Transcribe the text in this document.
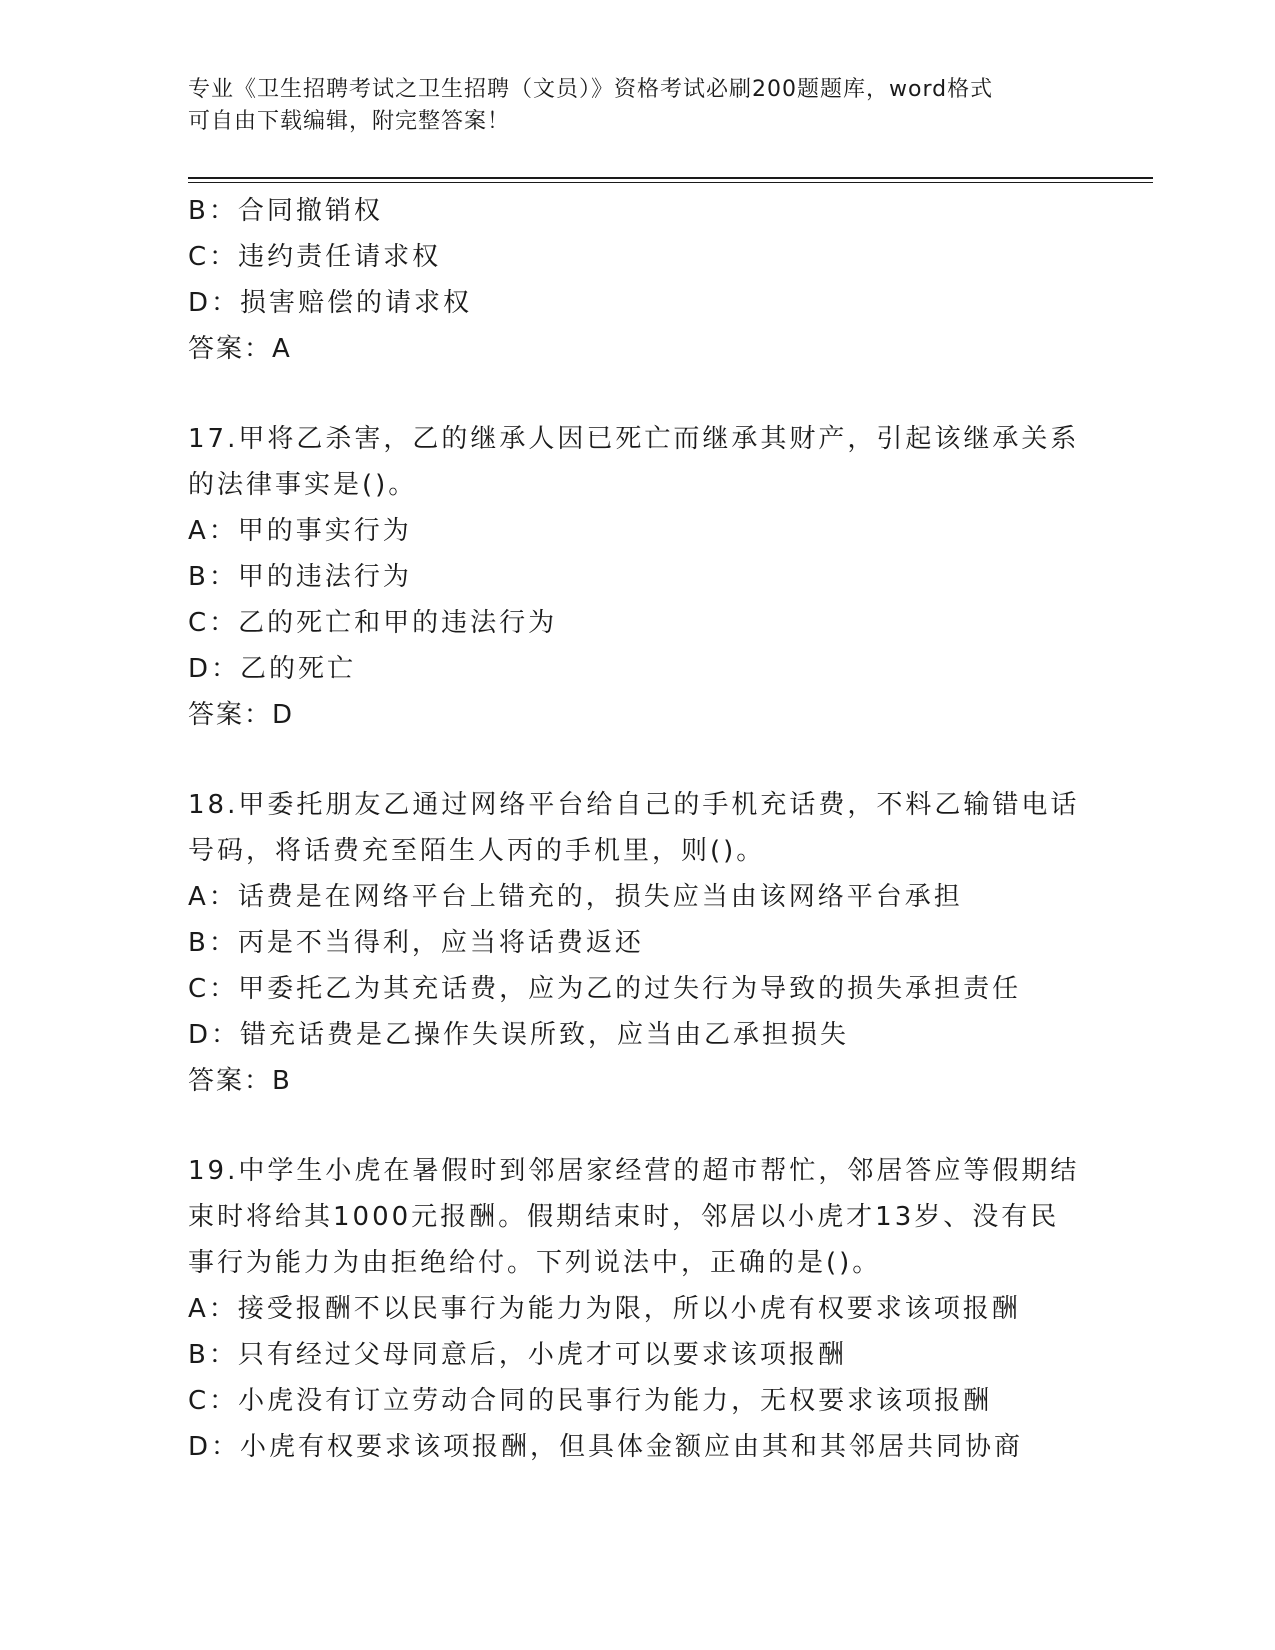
专业《卫生招聘考试之卫生招聘（文员）》资格考试必刷200题题库，word格式
可自由下载编辑，附完整答案！
B：合同撤销权
C：违约责任请求权
D：损害赔偿的请求权
答案：A
17.甲将乙杀害，乙的继承人因已死亡而继承其财产，引起该继承关系
的法律事实是()。
A：甲的事实行为
B：甲的违法行为
C：乙的死亡和甲的违法行为
D：乙的死亡
答案：D
18.甲委托朋友乙通过网络平台给自己的手机充话费，不料乙输错电话
号码，将话费充至陌生人丙的手机里，则()。
A：话费是在网络平台上错充的，损失应当由该网络平台承担
B：丙是不当得利，应当将话费返还
C：甲委托乙为其充话费，应为乙的过失行为导致的损失承担责任
D：错充话费是乙操作失误所致，应当由乙承担损失
答案：B
19.中学生小虎在暑假时到邻居家经营的超市帮忙，邻居答应等假期结
束时将给其1000元报酬。假期结束时，邻居以小虎才13岁、没有民
事行为能力为由拒绝给付。下列说法中，正确的是()。
A：接受报酬不以民事行为能力为限，所以小虎有权要求该项报酬
B：只有经过父母同意后，小虎才可以要求该项报酬
C：小虎没有订立劳动合同的民事行为能力，无权要求该项报酬
D：小虎有权要求该项报酬，但具体金额应由其和其邻居共同协商
